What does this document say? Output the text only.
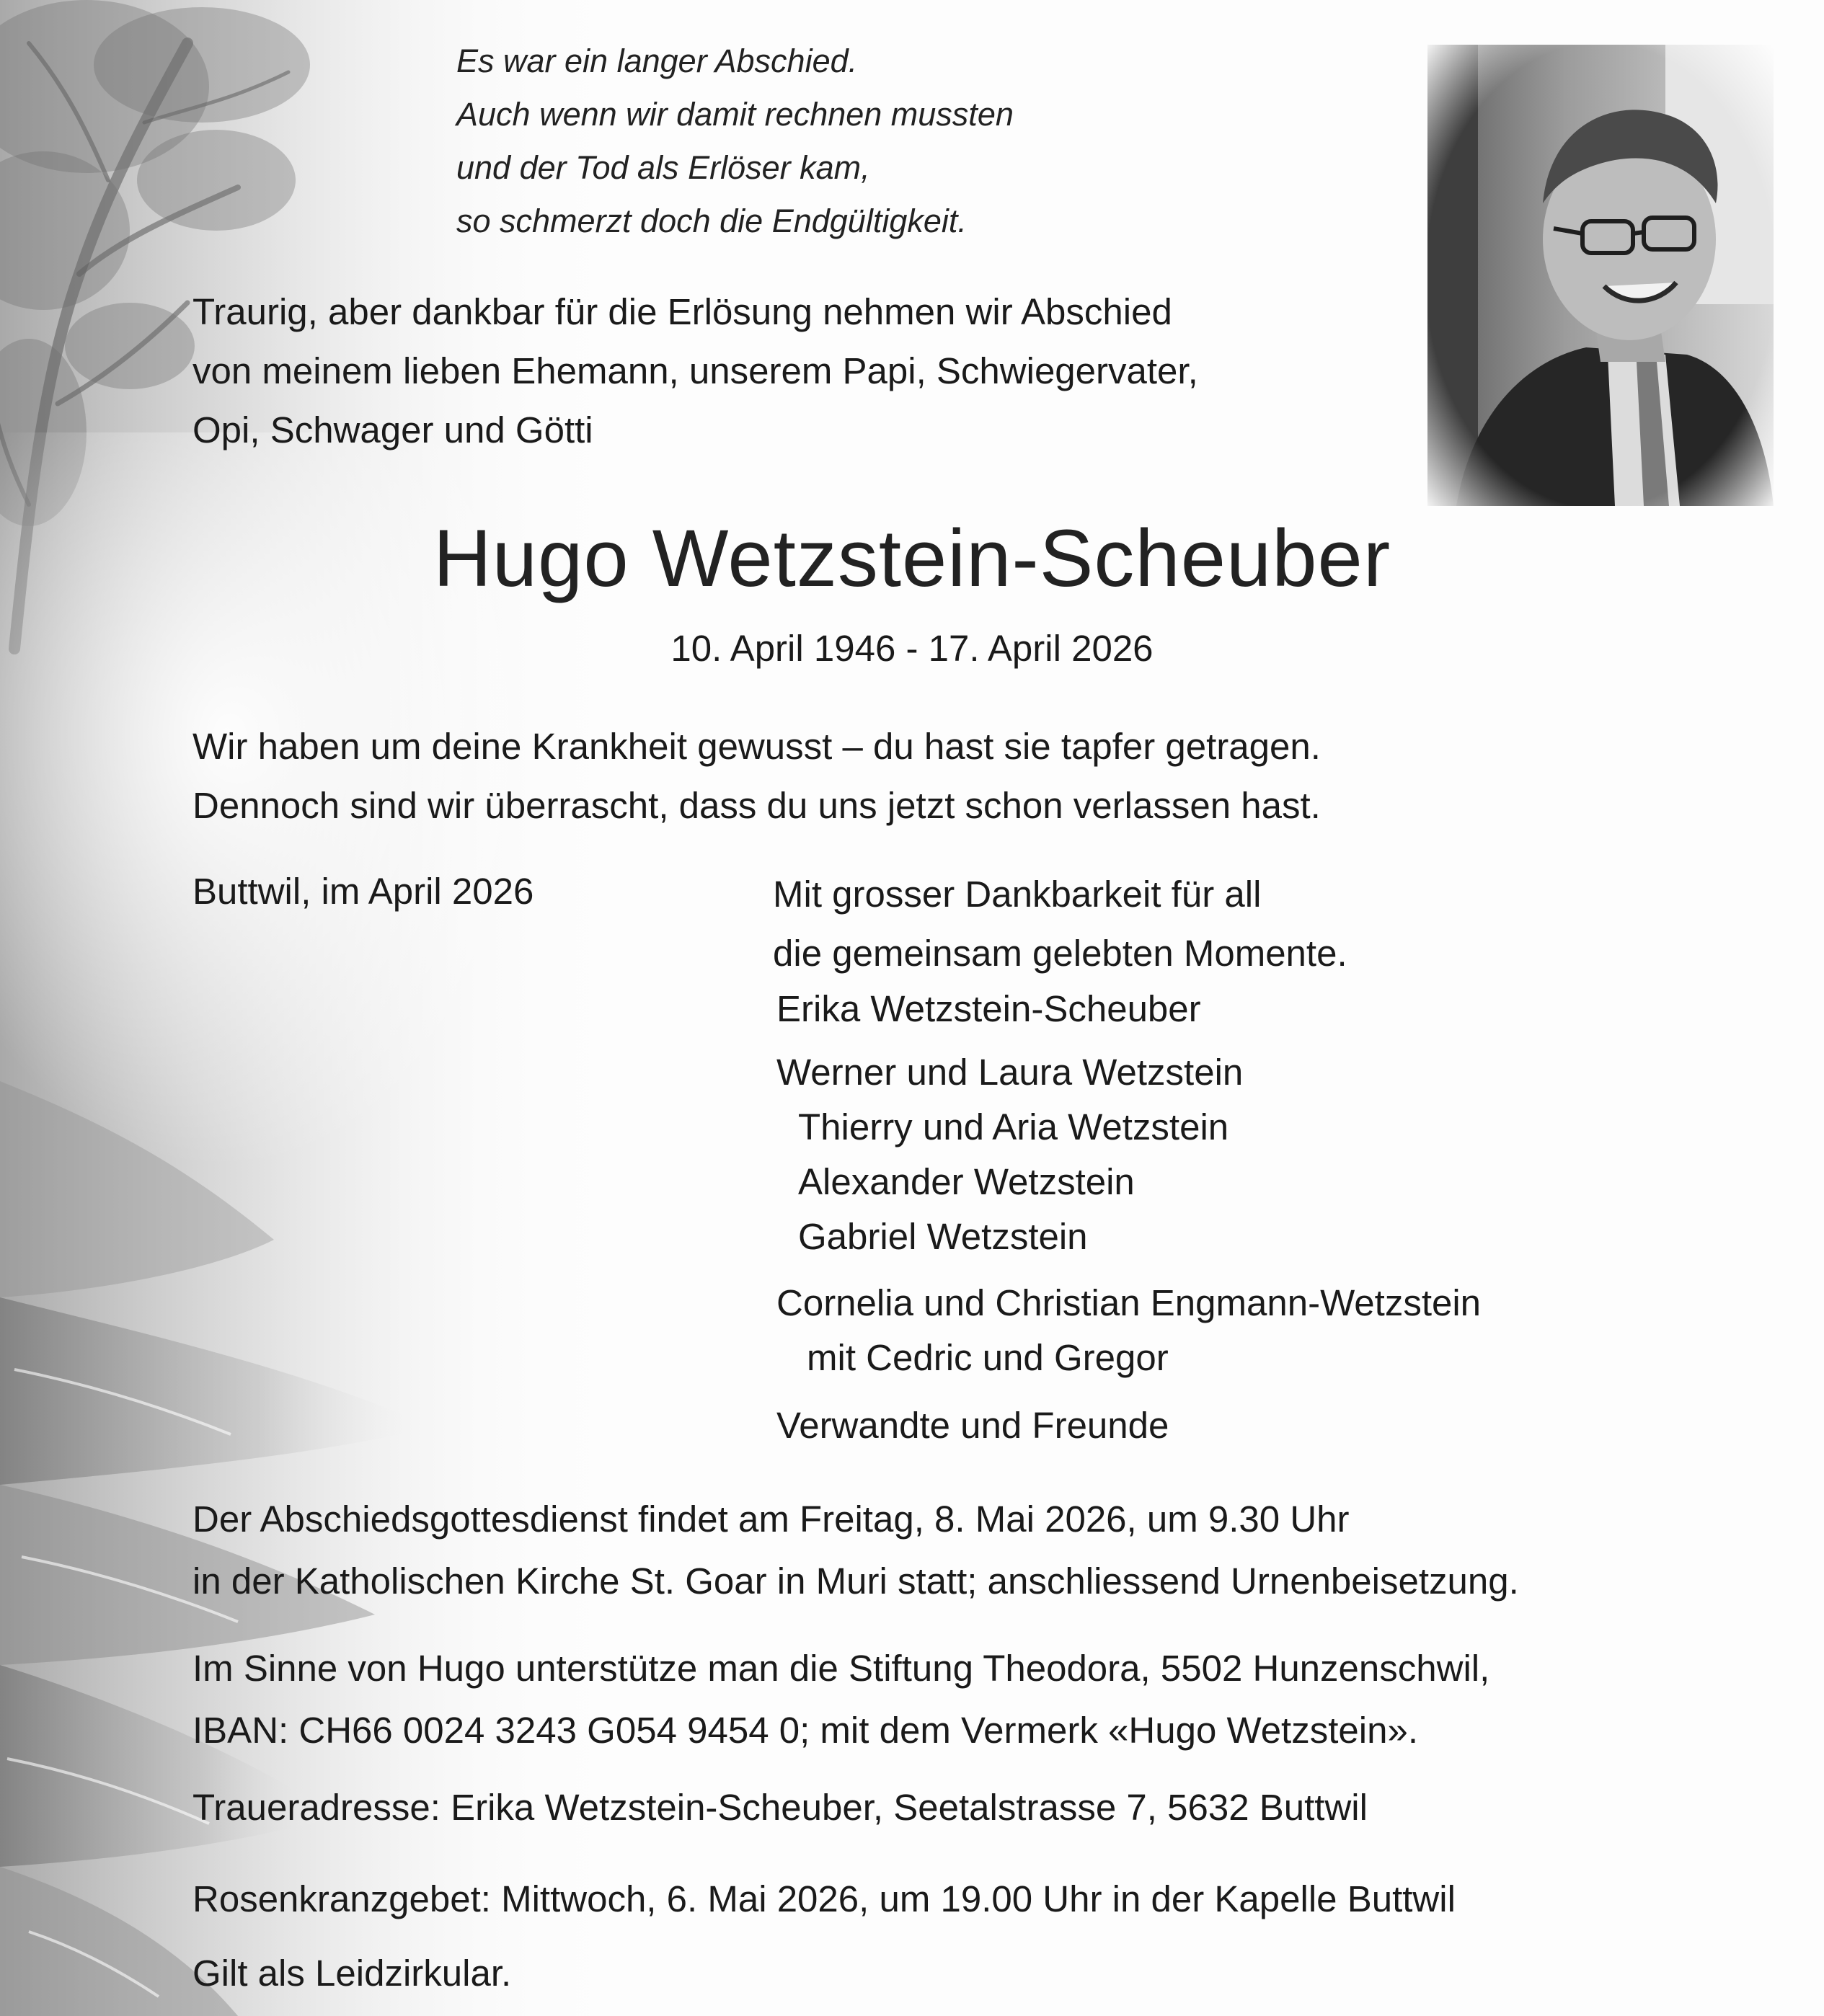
Es war ein langer Abschied.
Auch wenn wir damit rechnen mussten
und der Tod als Erlöser kam,
so schmerzt doch die Endgültigkeit.
Traurig, aber dankbar für die Erlösung nehmen wir Abschied
von meinem lieben Ehemann, unserem Papi, Schwiegervater,
Opi, Schwager und Götti
Hugo Wetzstein-Scheuber
10. April 1946 - 17. April 2026
Wir haben um deine Krankheit gewusst – du hast sie tapfer getragen.
Dennoch sind wir überrascht, dass du uns jetzt schon verlassen hast.
Buttwil, im April 2026	Mit grosser Dankbarkeit für all
die gemeinsam gelebten Momente.
Erika Wetzstein-Scheuber
Werner und Laura Wetzstein
Thierry und Aria Wetzstein
Alexander Wetzstein
Gabriel Wetzstein
Cornelia und Christian Engmann-Wetzstein
mit Cedric und Gregor
Verwandte und Freunde
Der Abschiedsgottesdienst findet am Freitag, 8. Mai 2026, um 9.30 Uhr
in der Katholischen Kirche St. Goar in Muri statt; anschliessend Urnenbeisetzung.
Im Sinne von Hugo unterstütze man die Stiftung Theodora, 5502 Hunzenschwil,
IBAN: CH66 0024 3243 G054 9454 0; mit dem Vermerk «Hugo Wetzstein».
Traueradresse: Erika Wetzstein-Scheuber, Seetalstrasse 7, 5632 Buttwil
Rosenkranzgebet: Mittwoch, 6. Mai 2026, um 19.00 Uhr in der Kapelle Buttwil
Gilt als Leidzirkular.
